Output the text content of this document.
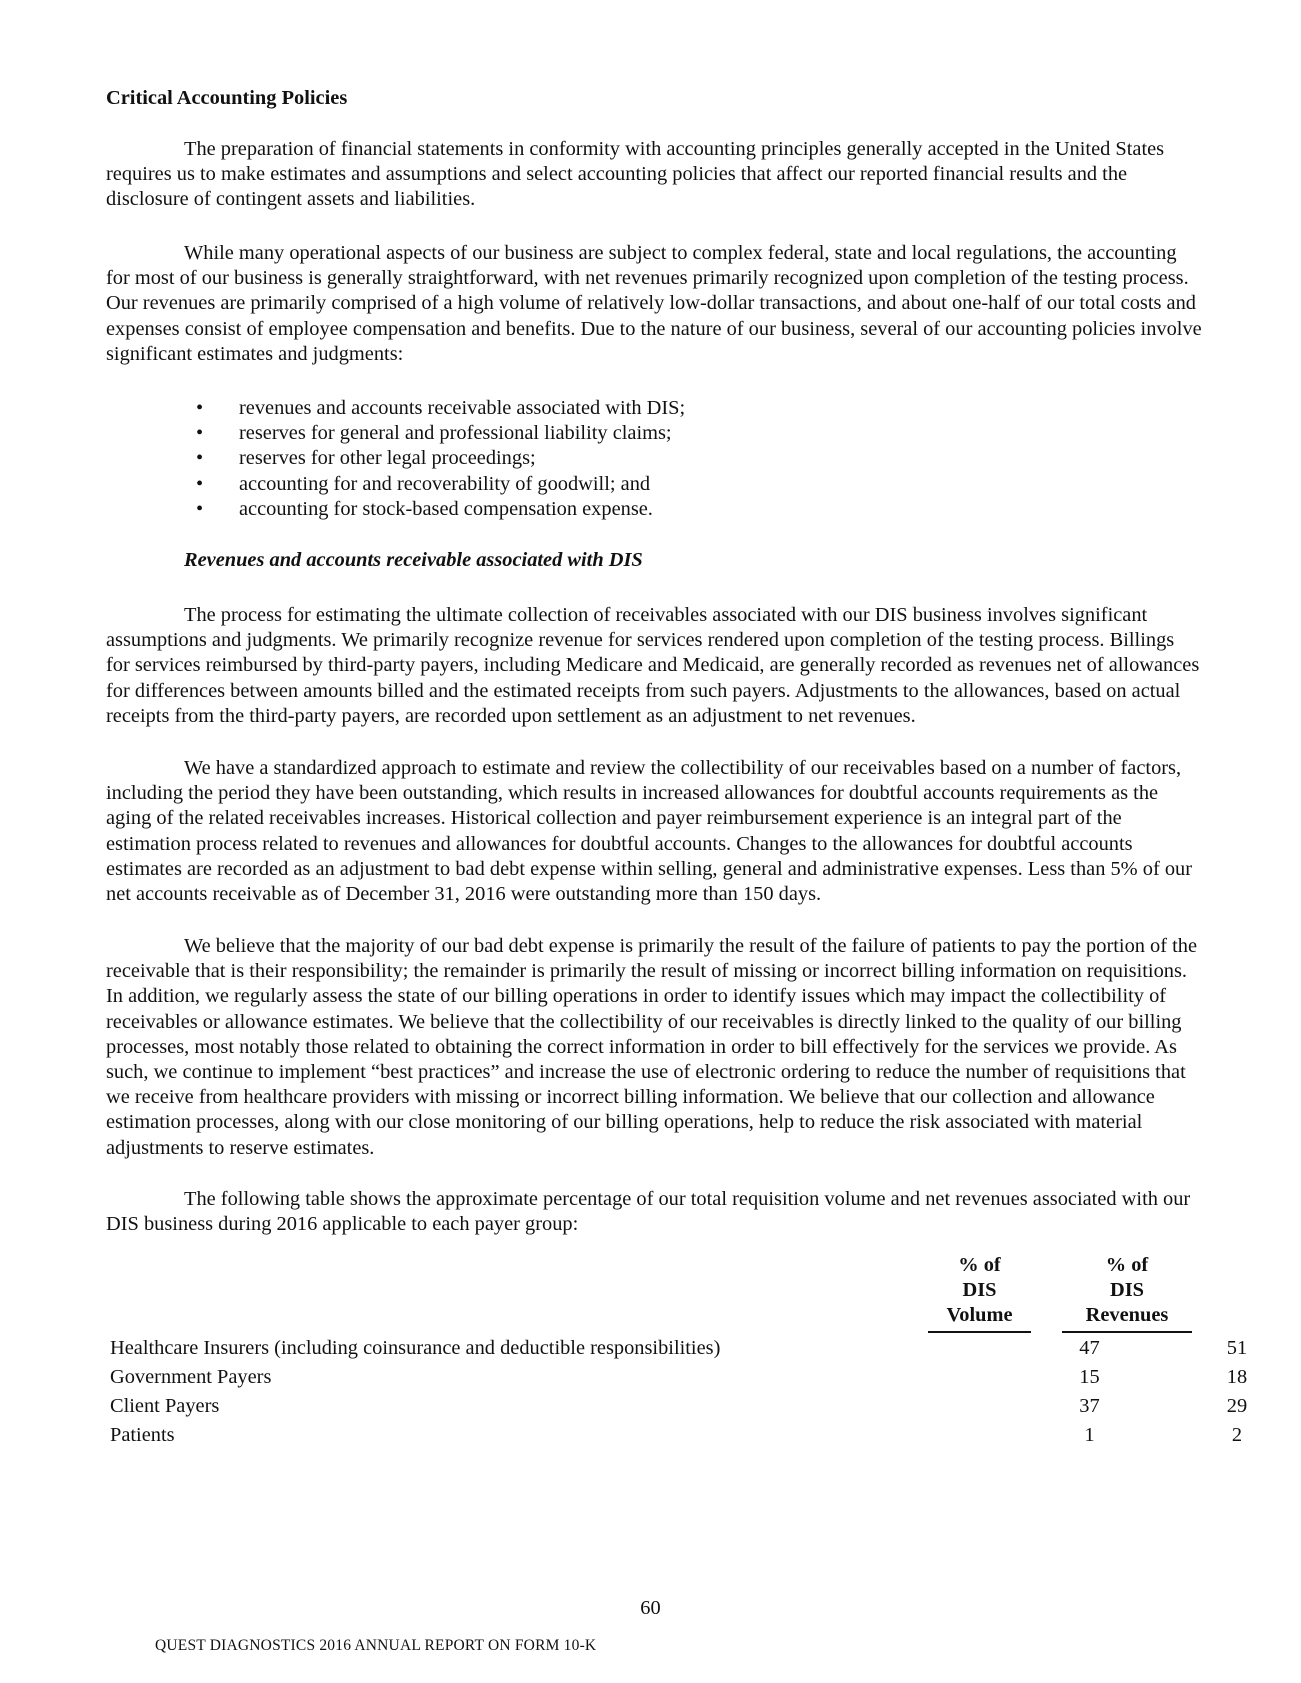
Critical Accounting Policies

The preparation of financial statements in conformity with accounting principles generally accepted in the United States requires us to make estimates and assumptions and select accounting policies that affect our reported financial results and the disclosure of contingent assets and liabilities.

While many operational aspects of our business are subject to complex federal, state and local regulations, the accounting for most of our business is generally straightforward, with net revenues primarily recognized upon completion of the testing process. Our revenues are primarily comprised of a high volume of relatively low-dollar transactions, and about one-half of our total costs and expenses consist of employee compensation and benefits. Due to the nature of our business, several of our accounting policies involve significant estimates and judgments:

• revenues and accounts receivable associated with DIS;
• reserves for general and professional liability claims;
• reserves for other legal proceedings;
• accounting for and recoverability of goodwill; and
• accounting for stock-based compensation expense.
Revenues and accounts receivable associated with DIS

The process for estimating the ultimate collection of receivables associated with our DIS business involves significant assumptions and judgments. We primarily recognize revenue for services rendered upon completion of the testing process. Billings for services reimbursed by third-party payers, including Medicare and Medicaid, are generally recorded as revenues net of allowances for differences between amounts billed and the estimated receipts from such payers. Adjustments to the allowances, based on actual receipts from the third-party payers, are recorded upon settlement as an adjustment to net revenues.

We have a standardized approach to estimate and review the collectibility of our receivables based on a number of factors, including the period they have been outstanding, which results in increased allowances for doubtful accounts requirements as the aging of the related receivables increases. Historical collection and payer reimbursement experience is an integral part of the estimation process related to revenues and allowances for doubtful accounts. Changes to the allowances for doubtful accounts estimates are recorded as an adjustment to bad debt expense within selling, general and administrative expenses. Less than 5% of our net accounts receivable as of December 31, 2016 were outstanding more than 150 days.

We believe that the majority of our bad debt expense is primarily the result of the failure of patients to pay the portion of the receivable that is their responsibility; the remainder is primarily the result of missing or incorrect billing information on requisitions. In addition, we regularly assess the state of our billing operations in order to identify issues which may impact the collectibility of receivables or allowance estimates. We believe that the collectibility of our receivables is directly linked to the quality of our billing processes, most notably those related to obtaining the correct information in order to bill effectively for the services we provide. As such, we continue to implement “best practices” and increase the use of electronic ordering to reduce the number of requisitions that we receive from healthcare providers with missing or incorrect billing information. We believe that our collection and allowance estimation processes, along with our close monitoring of our billing operations, help to reduce the risk associated with material adjustments to reserve estimates.

The following table shows the approximate percentage of our total requisition volume and net revenues associated with our DIS business during 2016 applicable to each payer group:

% of
DIS
Volume
% of
DIS
Revenues
Healthcare Insurers (including coinsurance and deductible responsibilities)	47	51
Government Payers	15	18
Client Payers	37	29
Patients	1	2
60
QUEST DIAGNOSTICS 2016 ANNUAL REPORT ON FORM 10-K
